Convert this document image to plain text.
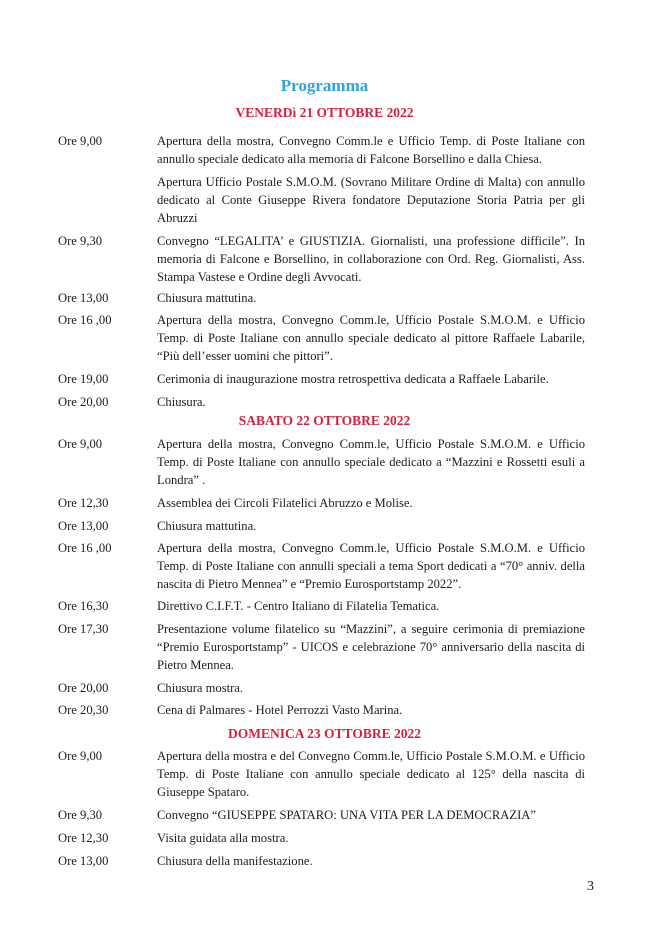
Programma
VENERDì 21 OTTOBRE 2022
Ore 9,00	Apertura della mostra, Convegno Comm.le e Ufficio Temp. di Poste Italiane con annullo speciale dedicato alla memoria di Falcone Borsellino e dalla Chiesa.
Apertura Ufficio Postale S.M.O.M. (Sovrano Militare Ordine di Malta) con annullo dedicato al Conte Giuseppe Rivera fondatore Deputazione Storia Patria per gli Abruzzi
Ore 9,30	Convegno “LEGALITA’ e GIUSTIZIA. Giornalisti, una professione difficile”. In memoria di Falcone e Borsellino, in collaborazione con Ord. Reg. Giornalisti, Ass. Stampa Vastese e Ordine degli Avvocati.
Ore 13,00	Chiusura mattutina.
Ore 16 ,00	Apertura della mostra, Convegno Comm.le, Ufficio Postale S.M.O.M. e Ufficio Temp. di Poste Italiane con annullo speciale dedicato al pittore Raffaele Labarile, “Più dell’esser uomini che pittori”.
Ore 19,00	Cerimonia di inaugurazione mostra retrospettiva dedicata a Raffaele Labarile.
Ore 20,00	Chiusura.
SABATO 22 OTTOBRE 2022
Ore 9,00	Apertura della mostra, Convegno Comm.le, Ufficio Postale S.M.O.M. e Ufficio Temp. di Poste Italiane con annullo speciale dedicato a “Mazzini e Rossetti esuli a Londra” .
Ore 12,30	Assemblea dei Circoli Filatelici Abruzzo e Molise.
Ore 13,00	Chiusura mattutina.
Ore 16 ,00	Apertura della mostra, Convegno Comm.le, Ufficio Postale S.M.O.M. e Ufficio Temp. di Poste Italiane con annulli speciali a tema Sport dedicati a “70° anniv. della nascita di Pietro Mennea” e “Premio Eurosportstamp 2022”.
Ore 16,30	Direttivo C.I.F.T. - Centro Italiano di Filatelia Tematica.
Ore 17,30	Presentazione volume filatelico su “Mazzini”, a seguire cerimonia di premiazione “Premio Eurosportstamp” - UICOS e celebrazione 70° anniversario della nascita di Pietro Mennea.
Ore 20,00	Chiusura mostra.
Ore 20,30	Cena di Palmares - Hotel Perrozzi Vasto Marina.
DOMENICA 23 OTTOBRE 2022
Ore 9,00	Apertura della mostra e del Convegno Comm.le, Ufficio Postale S.M.O.M. e Ufficio Temp. di Poste Italiane con annullo speciale dedicato al 125° della nascita di Giuseppe Spataro.
Ore 9,30	Convegno “GIUSEPPE SPATARO: UNA VITA PER LA DEMOCRAZIA”
Ore 12,30	Visita guidata alla mostra.
Ore 13,00	Chiusura della manifestazione.
3
